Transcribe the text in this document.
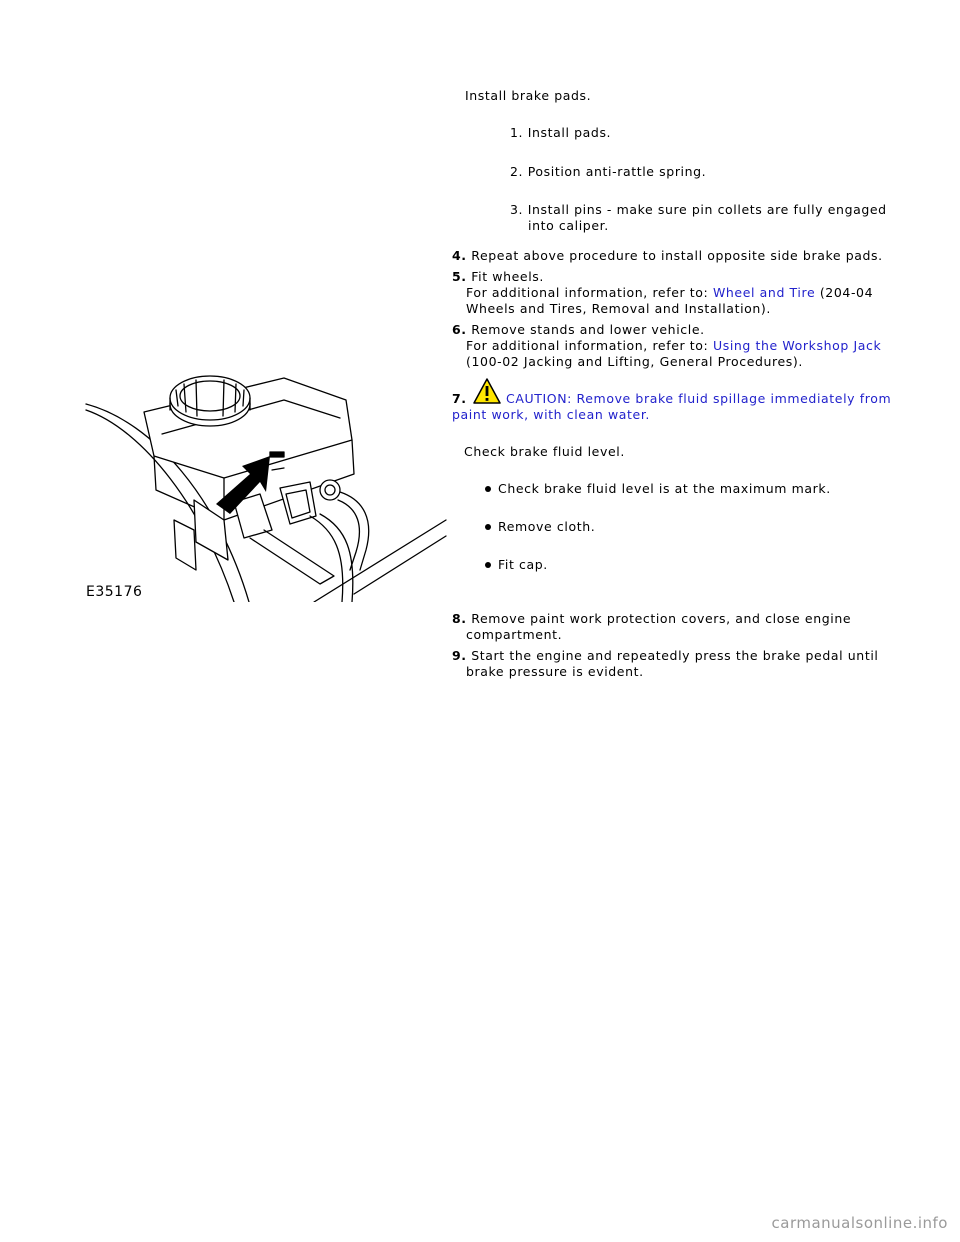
Install brake pads.
1. Install pads.
2. Position anti-rattle spring.
3. Install pins - make sure pin collets are fully engaged
into caliper.
4. Repeat above procedure to install opposite side brake pads.
5. Fit wheels.
For additional information, refer to: Wheel and Tire (204-04
Wheels and Tires, Removal and Installation).
6. Remove stands and lower vehicle.
For additional information, refer to: Using the Workshop Jack
(100-02 Jacking and Lifting, General Procedures).
7.	CAUTION: Remove brake fluid spillage immediately from
paint work, with clean water.
Check brake fluid level.
Check brake fluid level is at the maximum mark.
Remove cloth.
Fit cap.
8. Remove paint work protection covers, and close engine
compartment.
9. Start the engine and repeatedly press the brake pedal until
brake pressure is evident.
E35176
carmanualsonline.info
